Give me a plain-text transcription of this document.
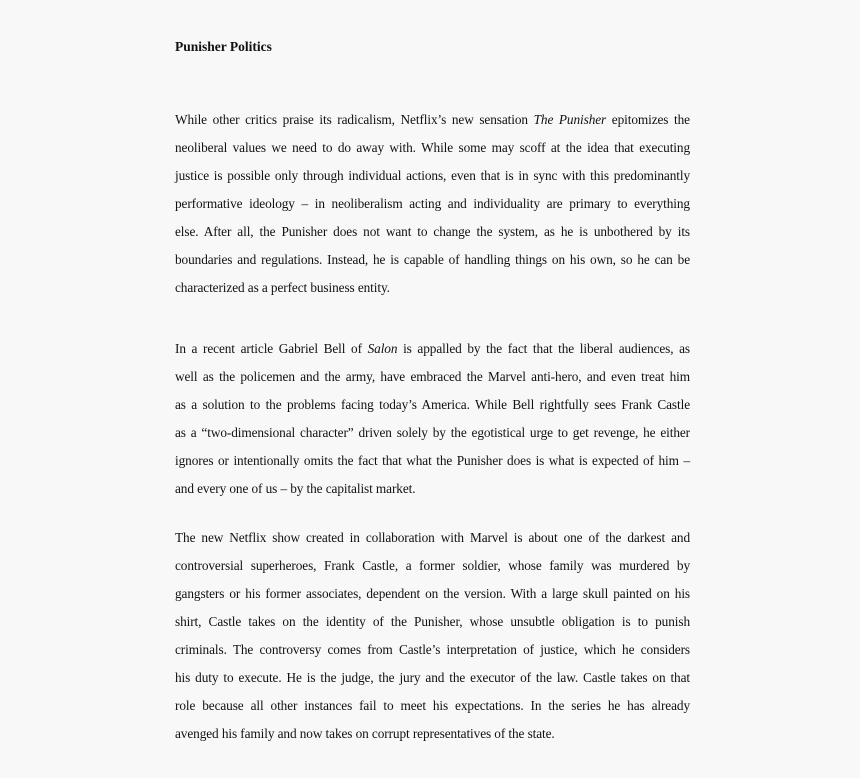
Punisher Politics
While other critics praise its radicalism, Netflix’s new sensation The Punisher epitomizes the
neoliberal values we need to do away with. While some may scoff at the idea that executing
justice is possible only through individual actions, even that is in sync with this predominantly
performative ideology – in neoliberalism acting and individuality are primary to everything
else. After all, the Punisher does not want to change the system, as he is unbothered by its
boundaries and regulations. Instead, he is capable of handling things on his own, so he can be
characterized as a perfect business entity.
In a recent article Gabriel Bell of Salon is appalled by the fact that the liberal audiences, as
well as the policemen and the army, have embraced the Marvel anti-hero, and even treat him
as a solution to the problems facing today’s America. While Bell rightfully sees Frank Castle
as a “two-dimensional character” driven solely by the egotistical urge to get revenge, he either
ignores or intentionally omits the fact that what the Punisher does is what is expected of him –
and every one of us – by the capitalist market.
The new Netflix show created in collaboration with Marvel is about one of the darkest and
controversial superheroes, Frank Castle, a former soldier, whose family was murdered by
gangsters or his former associates, dependent on the version. With a large skull painted on his
shirt, Castle takes on the identity of the Punisher, whose unsubtle obligation is to punish
criminals. The controversy comes from Castle’s interpretation of justice, which he considers
his duty to execute. He is the judge, the jury and the executor of the law. Castle takes on that
role because all other instances fail to meet his expectations. In the series he has already
avenged his family and now takes on corrupt representatives of the state.
